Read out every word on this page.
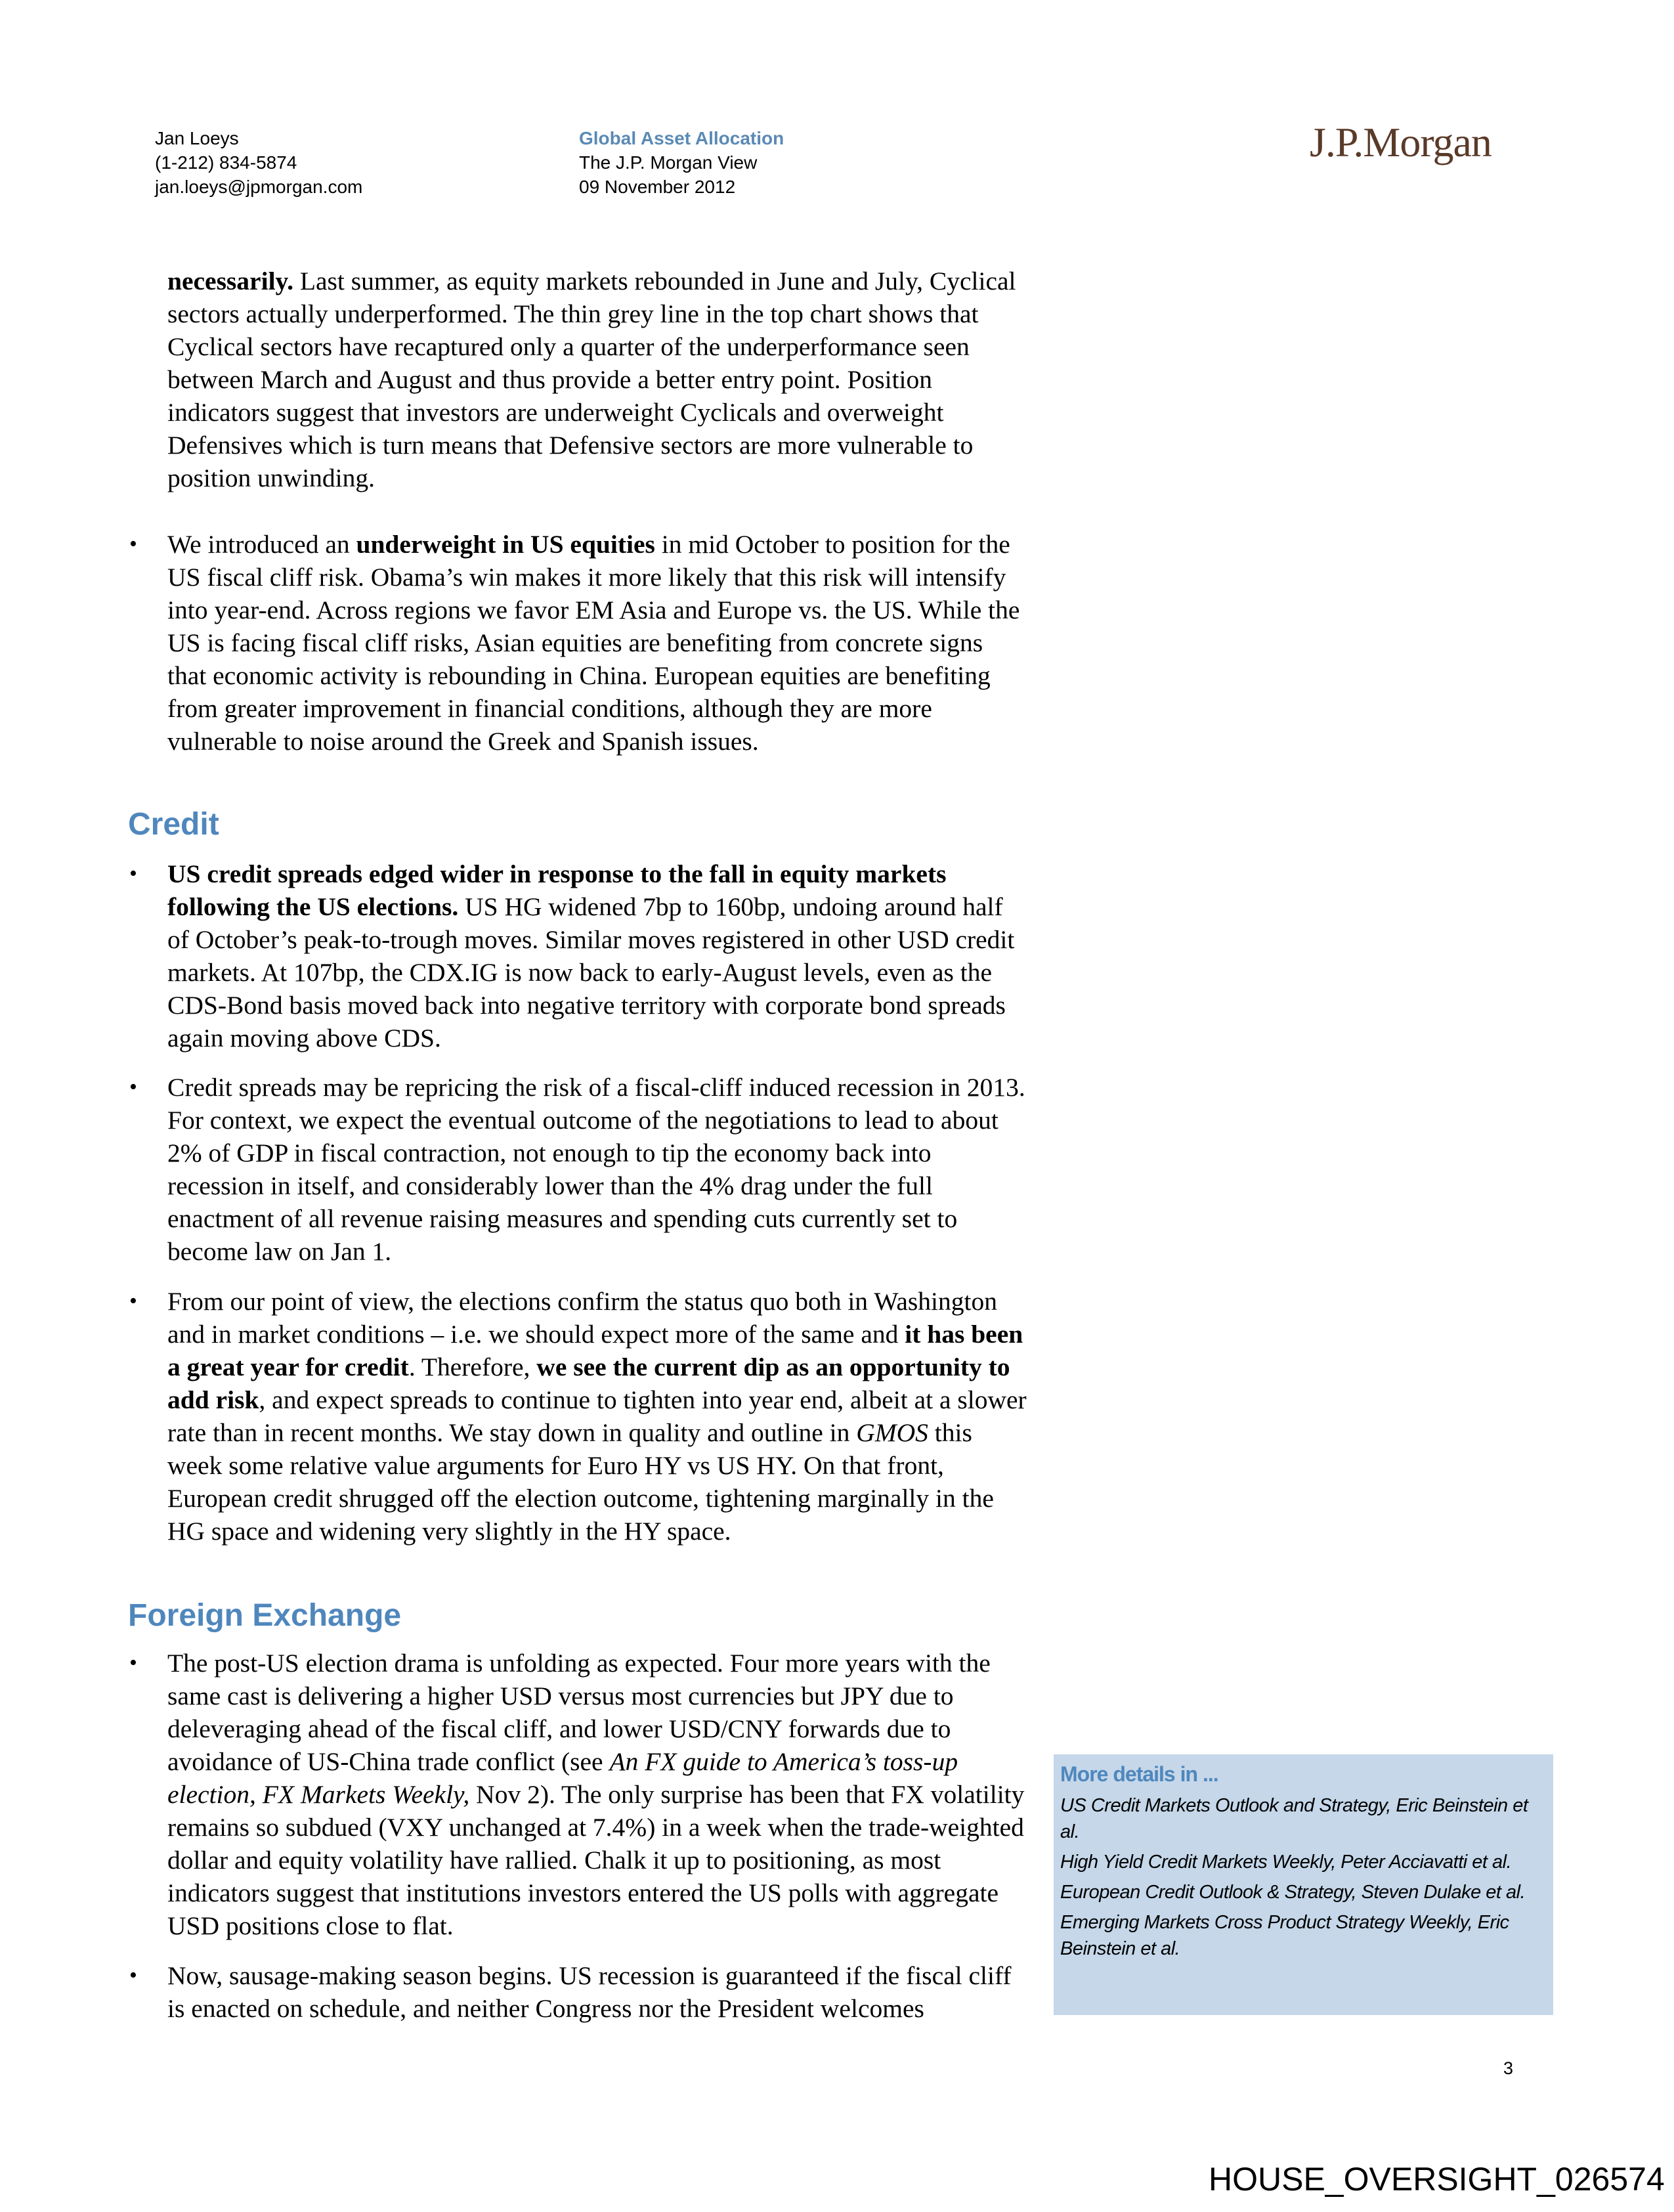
Jan Loeys
(1-212) 834-5874
jan.loeys@jpmorgan.com
Global Asset Allocation
The J.P. Morgan View
09 November 2012
J.P.Morgan
necessarily. Last summer, as equity markets rebounded in June and July, Cyclical sectors actually underperformed. The thin grey line in the top chart shows that Cyclical sectors have recaptured only a quarter of the underperformance seen between March and August and thus provide a better entry point. Position indicators suggest that investors are underweight Cyclicals and overweight Defensives which is turn means that Defensive sectors are more vulnerable to position unwinding.
• We introduced an underweight in US equities in mid October to position for the US fiscal cliff risk. Obama’s win makes it more likely that this risk will intensify into year-end. Across regions we favor EM Asia and Europe vs. the US. While the US is facing fiscal cliff risks, Asian equities are benefiting from concrete signs that economic activity is rebounding in China. European equities are benefiting from greater improvement in financial conditions, although they are more vulnerable to noise around the Greek and Spanish issues.
Credit
• US credit spreads edged wider in response to the fall in equity markets following the US elections. US HG widened 7bp to 160bp, undoing around half of October’s peak-to-trough moves. Similar moves registered in other USD credit markets. At 107bp, the CDX.IG is now back to early-August levels, even as the CDS-Bond basis moved back into negative territory with corporate bond spreads again moving above CDS.
• Credit spreads may be repricing the risk of a fiscal-cliff induced recession in 2013. For context, we expect the eventual outcome of the negotiations to lead to about 2% of GDP in fiscal contraction, not enough to tip the economy back into recession in itself, and considerably lower than the 4% drag under the full enactment of all revenue raising measures and spending cuts currently set to become law on Jan 1.
• From our point of view, the elections confirm the status quo both in Washington and in market conditions – i.e. we should expect more of the same and it has been a great year for credit. Therefore, we see the current dip as an opportunity to add risk, and expect spreads to continue to tighten into year end, albeit at a slower rate than in recent months. We stay down in quality and outline in GMOS this week some relative value arguments for Euro HY vs US HY. On that front, European credit shrugged off the election outcome, tightening marginally in the HG space and widening very slightly in the HY space.
Foreign Exchange
• The post-US election drama is unfolding as expected. Four more years with the same cast is delivering a higher USD versus most currencies but JPY due to deleveraging ahead of the fiscal cliff, and lower USD/CNY forwards due to avoidance of US-China trade conflict (see An FX guide to America’s toss-up election, FX Markets Weekly, Nov 2). The only surprise has been that FX volatility remains so subdued (VXY unchanged at 7.4%) in a week when the trade-weighted dollar and equity volatility have rallied. Chalk it up to positioning, as most indicators suggest that institutions investors entered the US polls with aggregate USD positions close to flat.
• Now, sausage-making season begins. US recession is guaranteed if the fiscal cliff is enacted on schedule, and neither Congress nor the President welcomes
More details in ...
US Credit Markets Outlook and Strategy, Eric Beinstein et al.
High Yield Credit Markets Weekly, Peter Acciavatti et al.
European Credit Outlook & Strategy, Steven Dulake et al.
Emerging Markets Cross Product Strategy Weekly, Eric Beinstein et al.
3
HOUSE_OVERSIGHT_026574
